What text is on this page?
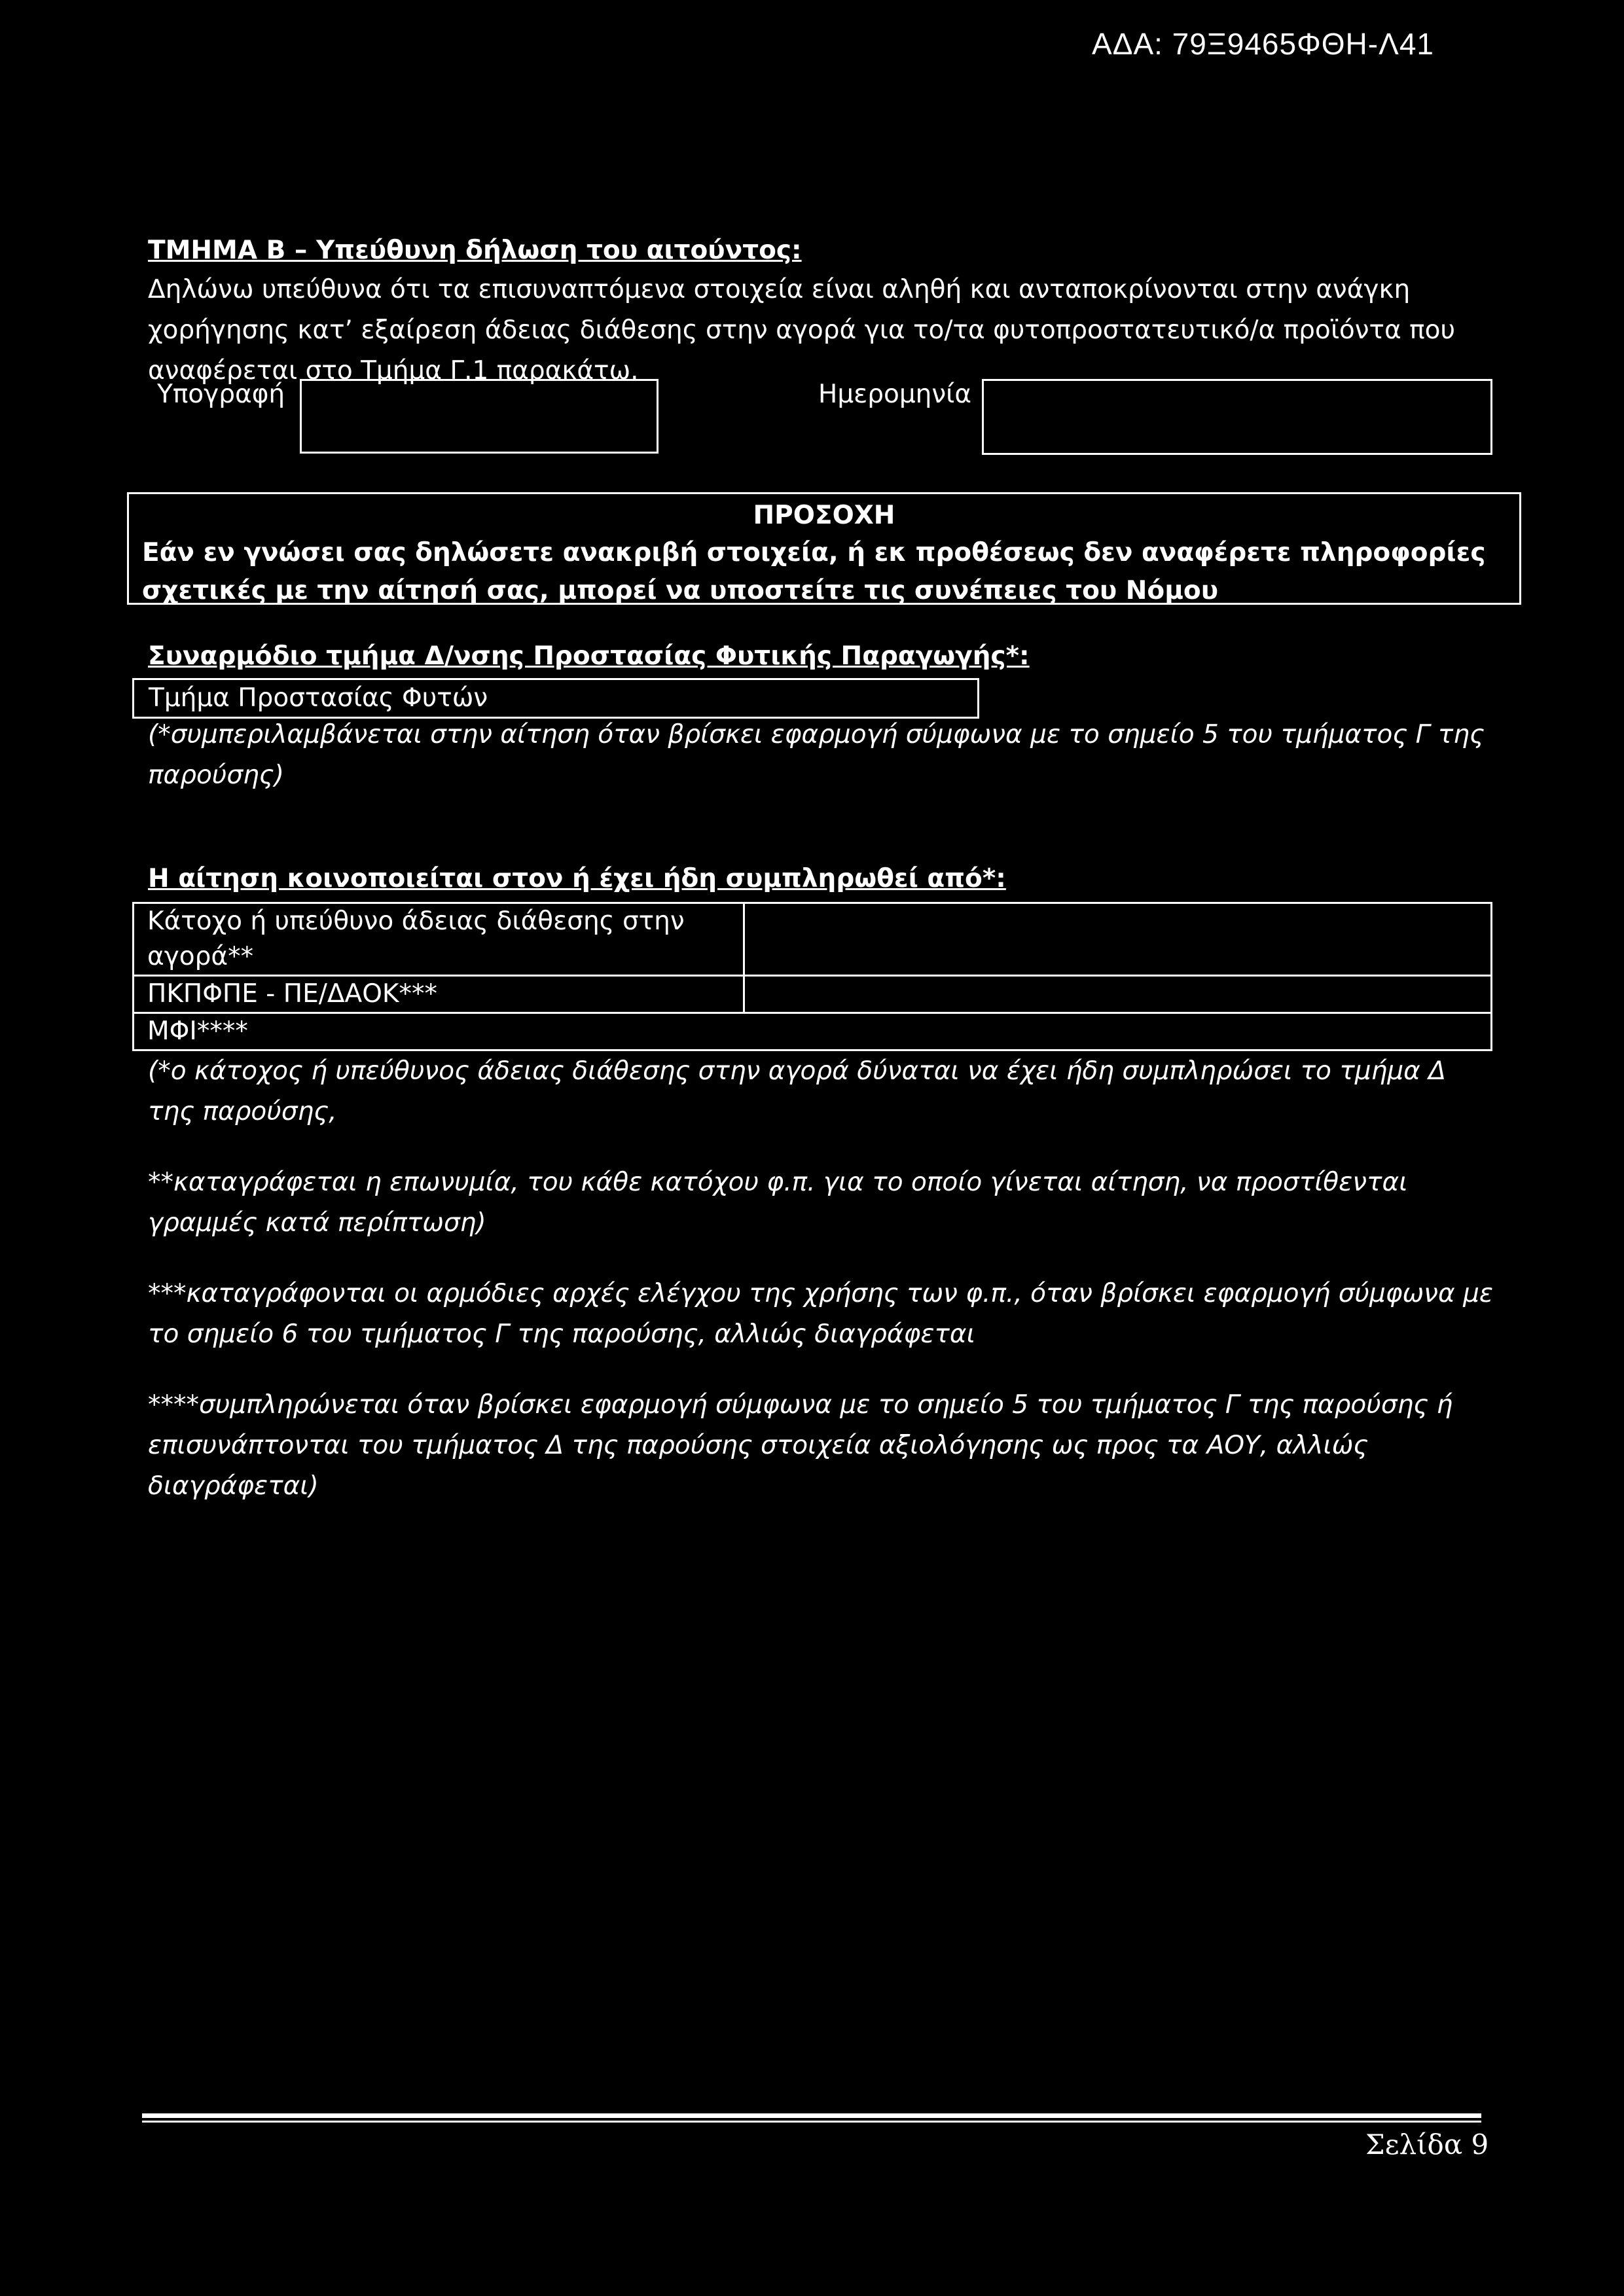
ΑΔΑ: 79Ξ9465ΦΘΗ-Λ41
ΤΜΗΜΑ Β – Υπεύθυνη δήλωση του αιτούντος:
Δηλώνω υπεύθυνα ότι τα επισυναπτόμενα στοιχεία είναι αληθή και ανταποκρίνονται στην ανάγκη χορήγησης κατ’ εξαίρεση άδειας διάθεσης στην αγορά για το/τα φυτοπροστατευτικό/α προϊόντα που αναφέρεται στο Τμήμα Γ.1 παρακάτω.
Υπογραφή	Ημερομηνία
ΠΡΟΣΟΧΗ
Εάν εν γνώσει σας δηλώσετε ανακριβή στοιχεία, ή εκ προθέσεως δεν αναφέρετε πληροφορίες σχετικές με την αίτησή σας, μπορεί να υποστείτε τις συνέπειες του Νόμου
Συναρμόδιο τμήμα Δ/νσης Προστασίας Φυτικής Παραγωγής*:
Τμήμα Προστασίας Φυτών
(*συμπεριλαμβάνεται στην αίτηση όταν βρίσκει εφαρμογή σύμφωνα με το σημείο 5 του τμήματος Γ της παρούσης)
Η αίτηση κοινοποιείται στον ή έχει ήδη συμπληρωθεί από*:
Κάτοχο ή υπεύθυνο άδειας διάθεσης στην αγορά**	
ΠΚΠΦΠΕ - ΠΕ/ΔΑΟΚ***	
ΜΦΙ****	
(*ο κάτοχος ή υπεύθυνος άδειας διάθεσης στην αγορά δύναται να έχει ήδη συμπληρώσει το τμήμα Δ της παρούσης,
**καταγράφεται η επωνυμία, του κάθε κατόχου φ.π. για το οποίο γίνεται αίτηση, να προστίθενται γραμμές κατά περίπτωση)
***καταγράφονται οι αρμόδιες αρχές ελέγχου της χρήσης των φ.π., όταν βρίσκει εφαρμογή σύμφωνα με το σημείο 6 του τμήματος Γ της παρούσης, αλλιώς διαγράφεται
****συμπληρώνεται όταν βρίσκει εφαρμογή σύμφωνα με το σημείο 5 του τμήματος Γ της παρούσης ή επισυνάπτονται του τμήματος Δ της παρούσης στοιχεία αξιολόγησης ως προς τα ΑΟΥ, αλλιώς διαγράφεται)
Σελίδα 9
